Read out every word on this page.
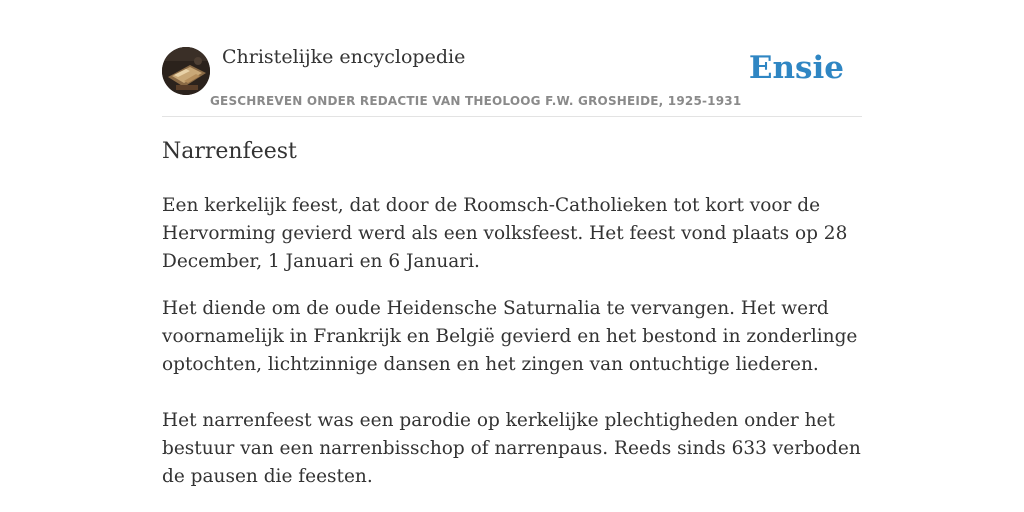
Christelijke encyclopedie	Ensie
GESCHREVEN ONDER REDACTIE VAN THEOLOOG F.W. GROSHEIDE, 1925-1931
Narrenfeest

Een kerkelijk feest, dat door de Roomsch-Catholieken tot kort voor de Hervorming gevierd werd als een volksfeest. Het feest vond plaats op 28 December, 1 Januari en 6 Januari.

Het diende om de oude Heidensche Saturnalia te vervangen. Het werd voornamelijk in Frankrijk en België gevierd en het bestond in zonderlinge optochten, lichtzinnige dansen en het zingen van ontuchtige liederen.

Het narrenfeest was een parodie op kerkelijke plechtigheden onder het bestuur van een narrenbisschop of narrenpaus. Reeds sinds 633 verboden de pausen die feesten.
